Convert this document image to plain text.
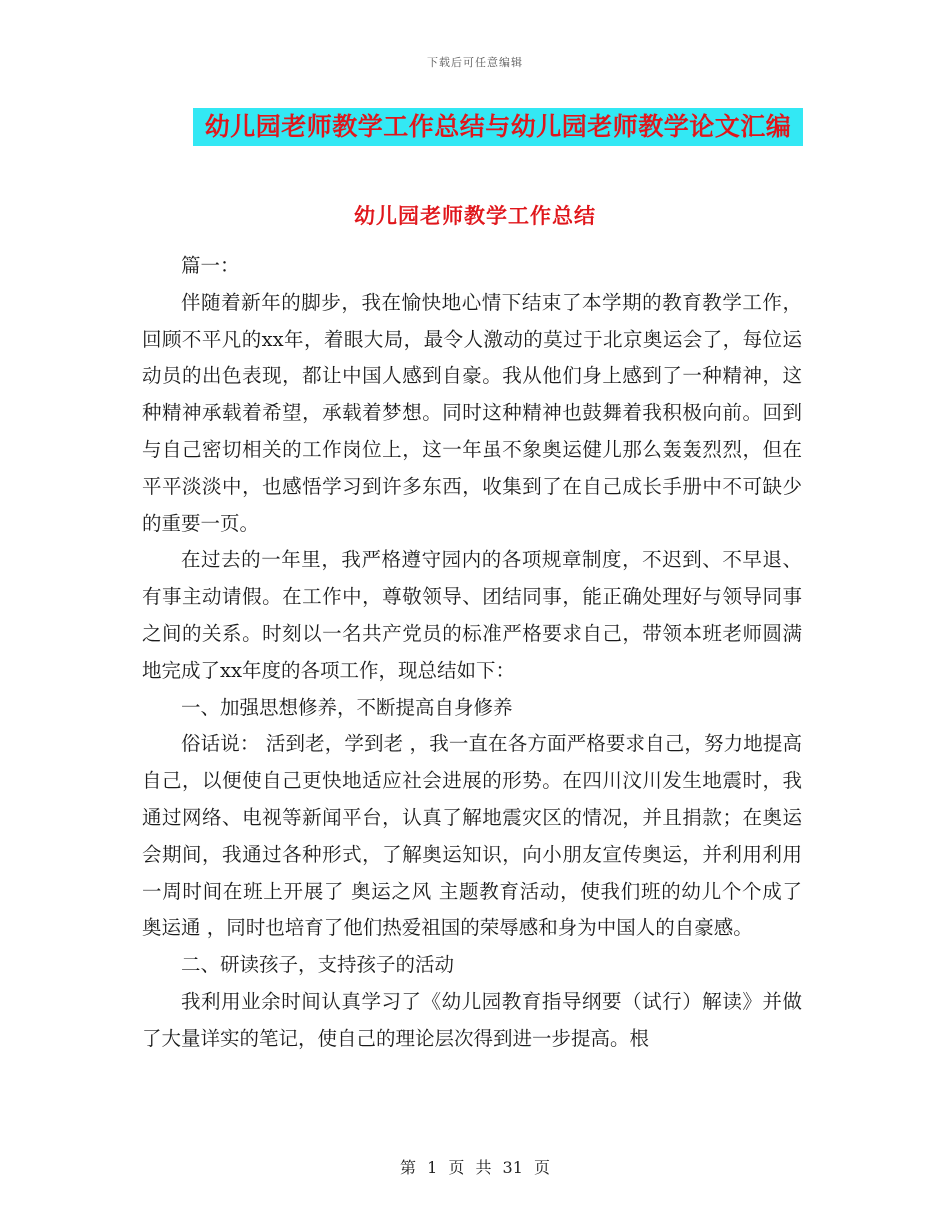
下载后可任意编辑
幼儿园老师教学工作总结与幼儿园老师教学论文汇编
幼儿园老师教学工作总结

篇一：

伴随着新年的脚步，我在愉快地心情下结束了本学期的教育教学工作，回顾不平凡的xx年，着眼大局，最令人激动的莫过于北京奥运会了，每位运动员的出色表现，都让中国人感到自豪。我从他们身上感到了一种精神，这种精神承载着希望，承载着梦想。同时这种精神也鼓舞着我积极向前。回到与自己密切相关的工作岗位上，这一年虽不象奥运健儿那么轰轰烈烈，但在平平淡淡中，也感悟学习到许多东西，收集到了在自己成长手册中不可缺少的重要一页。

在过去的一年里，我严格遵守园内的各项规章制度，不迟到、不早退、有事主动请假。在工作中，尊敬领导、团结同事，能正确处理好与领导同事之间的关系。时刻以一名共产党员的标准严格要求自己，带领本班老师圆满地完成了xx年度的各项工作，现总结如下：

一、加强思想修养，不断提高自身修养

俗话说： 活到老，学到老 ，我一直在各方面严格要求自己，努力地提高自己，以便使自己更快地适应社会进展的形势。在四川汶川发生地震时，我通过网络、电视等新闻平台，认真了解地震灾区的情况，并且捐款；在奥运会期间，我通过各种形式，了解奥运知识，向小朋友宣传奥运，并利用利用一周时间在班上开展了 奥运之风 主题教育活动，使我们班的幼儿个个成了 奥运通 ，同时也培育了他们热爱祖国的荣辱感和身为中国人的自豪感。

二、研读孩子，支持孩子的活动

我利用业余时间认真学习了《幼儿园教育指导纲要（试行）解读》并做了大量详实的笔记，使自己的理论层次得到进一步提高。根

第 1 页 共 31 页
